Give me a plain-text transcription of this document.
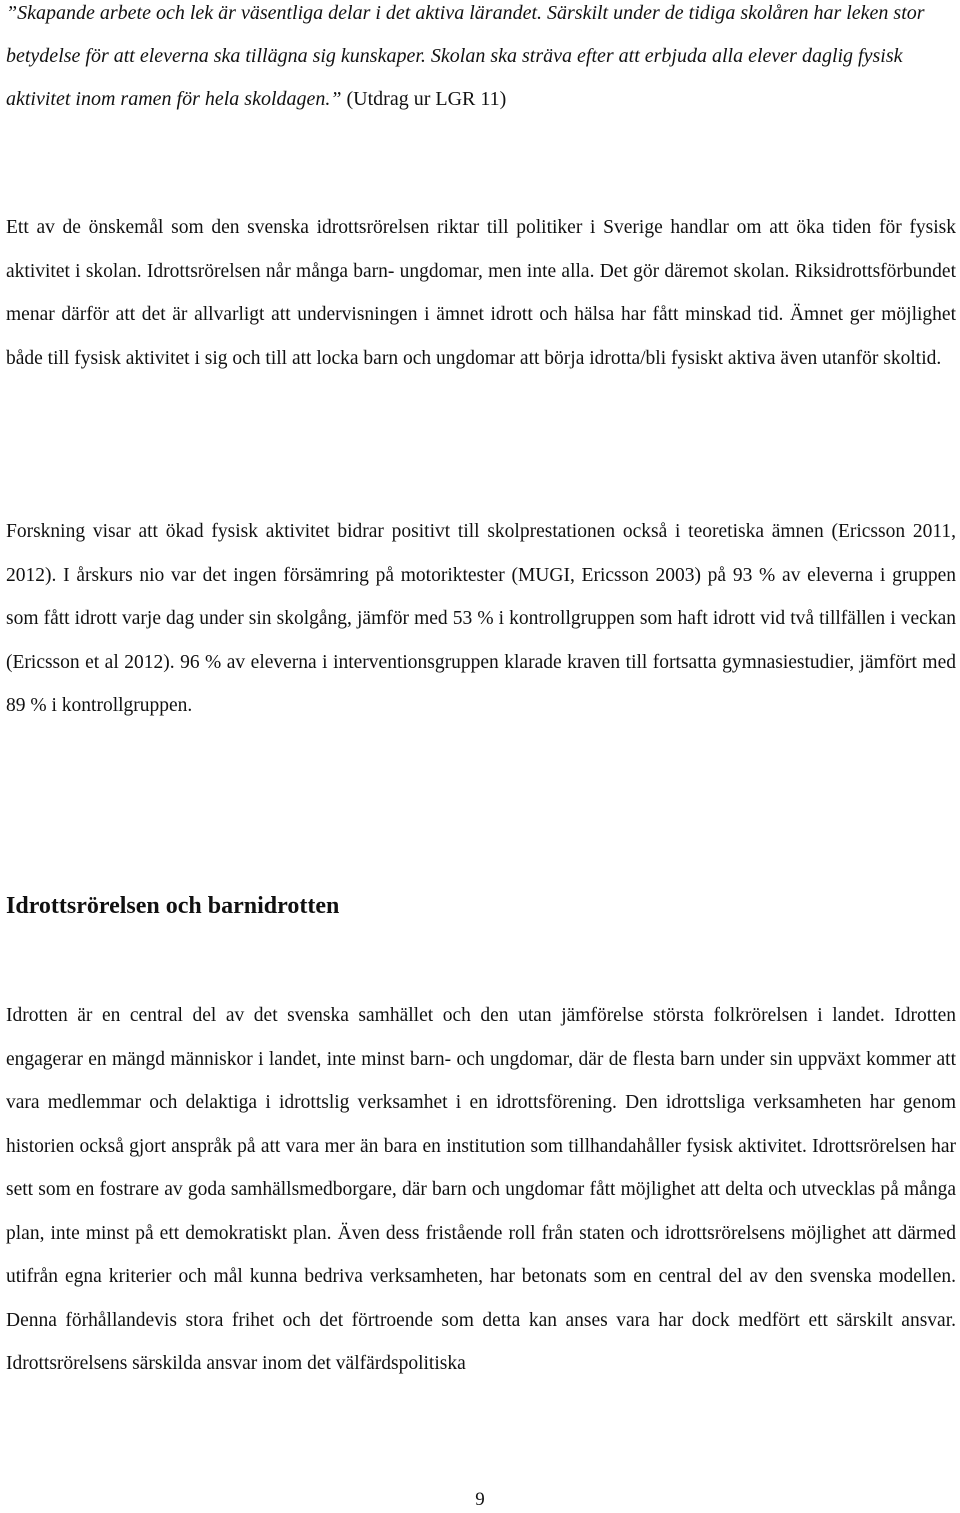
”Skapande arbete och lek är väsentliga delar i det aktiva lärandet. Särskilt under de tidiga skolåren har leken stor betydelse för att eleverna ska tillägna sig kunskaper. Skolan ska sträva efter att erbjuda alla elever daglig fysisk aktivitet inom ramen för hela skoldagen.” (Utdrag ur LGR 11)
Ett av de önskemål som den svenska idrottsrörelsen riktar till politiker i Sverige handlar om att öka tiden för fysisk aktivitet i skolan. Idrottsrörelsen når många barn- ungdomar, men inte alla. Det gör däremot skolan. Riksidrottsförbundet menar därför att det är allvarligt att undervisningen i ämnet idrott och hälsa har fått minskad tid. Ämnet ger möjlighet både till fysisk aktivitet i sig och till att locka barn och ungdomar att börja idrotta/bli fysiskt aktiva även utanför skoltid.
Forskning visar att ökad fysisk aktivitet bidrar positivt till skolprestationen också i teoretiska ämnen (Ericsson 2011, 2012). I årskurs nio var det ingen försämring på motoriktester (MUGI, Ericsson 2003) på 93 % av eleverna i gruppen som fått idrott varje dag under sin skolgång, jämför med 53 % i kontrollgruppen som haft idrott vid två tillfällen i veckan (Ericsson et al 2012). 96 % av eleverna i interventionsgruppen klarade kraven till fortsatta gymnasiestudier, jämfört med 89 % i kontrollgruppen.
Idrottsrörelsen och barnidrotten
Idrotten är en central del av det svenska samhället och den utan jämförelse största folkrörelsen i landet. Idrotten engagerar en mängd människor i landet, inte minst barn- och ungdomar, där de flesta barn under sin uppväxt kommer att vara medlemmar och delaktiga i idrottslig verksamhet i en idrottsförening. Den idrottsliga verksamheten har genom historien också gjort anspråk på att vara mer än bara en institution som tillhandahåller fysisk aktivitet. Idrottsrörelsen har sett som en fostrare av goda samhällsmedborgare, där barn och ungdomar fått möjlighet att delta och utvecklas på många plan, inte minst på ett demokratiskt plan. Även dess fristående roll från staten och idrottsrörelsens möjlighet att därmed utifrån egna kriterier och mål kunna bedriva verksamheten, har betonats som en central del av den svenska modellen. Denna förhållandevis stora frihet och det förtroende som detta kan anses vara har dock medfört ett särskilt ansvar. Idrottsrörelsens särskilda ansvar inom det välfärdspolitiska
9
